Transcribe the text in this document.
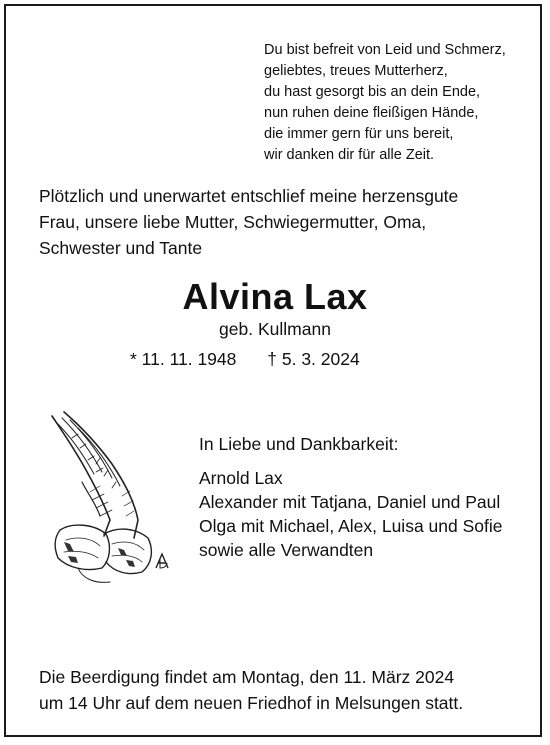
Du bist befreit von Leid und Schmerz,
geliebtes, treues Mutterherz,
du hast gesorgt bis an dein Ende,
nun ruhen deine fleißigen Hände,
die immer gern für uns bereit,
wir danken dir für alle Zeit.
Plötzlich und unerwartet entschlief meine herzensgute
Frau, unsere liebe Mutter, Schwiegermutter, Oma,
Schwester und Tante
Alvina Lax
geb. Kullmann
* 11. 11. 1948 † 5. 3. 2024
In Liebe und Dankbarkeit:
Arnold Lax
Alexander mit Tatjana, Daniel und Paul
Olga mit Michael, Alex, Luisa und Sofie
sowie alle Verwandten
Die Beerdigung findet am Montag, den 11. März 2024
um 14 Uhr auf dem neuen Friedhof in Melsungen statt.
